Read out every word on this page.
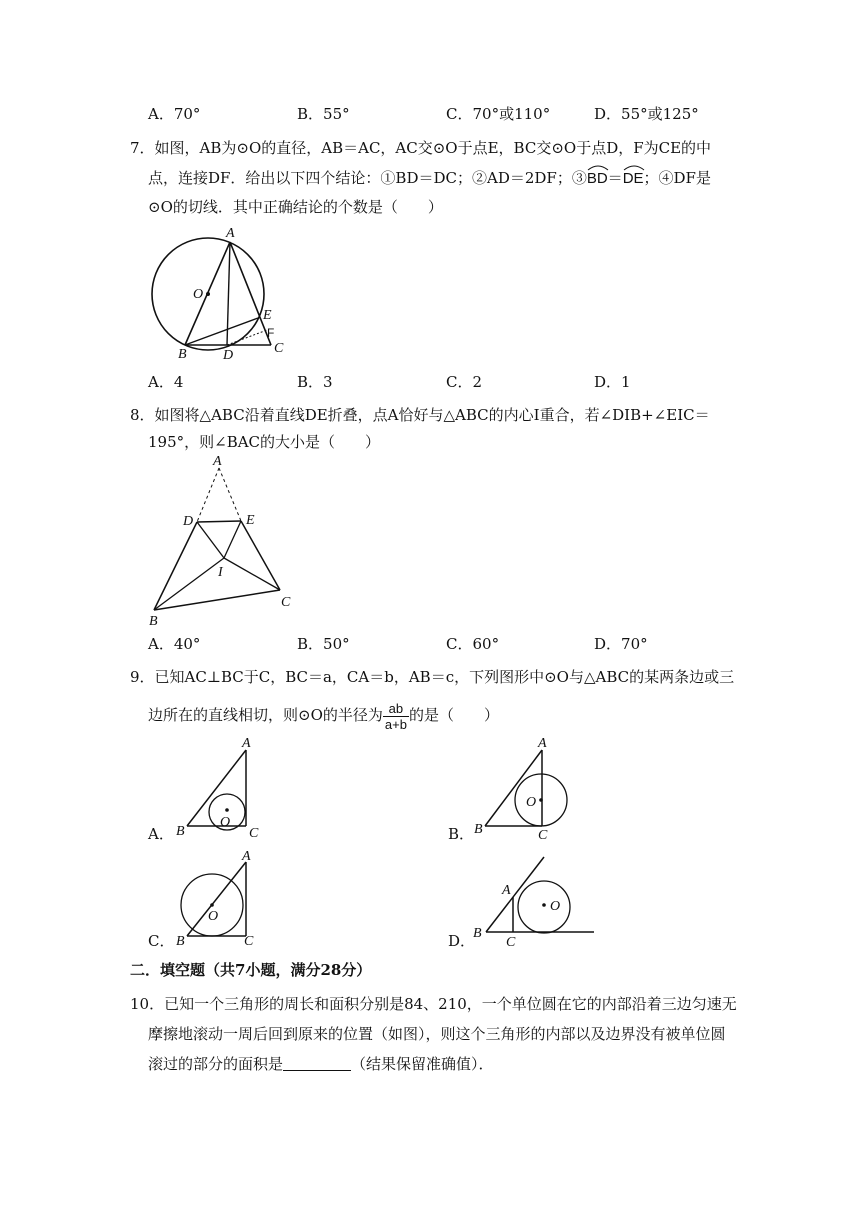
A．70°	B．55°	C．70°或110°	D．55°或125°
7．如图，AB为⊙O的直径，AB＝AC，AC交⊙O于点E，BC交⊙O于点D，F为CE的中
点，连接DF．给出以下四个结论：①BD＝DC；②AD＝2DF；③
BD＝
DE；④DF是
⊙O的切线．其中正确结论的个数是（　　）
A
O
E
F
B	D	C
A．4	B．3	C．2	D．1
8．如图将△ABC沿着直线DE折叠，点A恰好与△ABC的内心I重合，若∠DIB+∠EIC＝
195°，则∠BAC的大小是（　　）
A
D	E
I
B
C
A．40°	B．50°	C．60°	D．70°
9．已知AC⊥BC于C，BC＝a，CA＝b，AB＝c，下列图形中⊙O与△ABC的某两条边或三
边所在的直线相切，则⊙O的半径为 $\frac{ab}{a+b}$ 的是（　　）
A．
A
B	C
O
B．
A
B	C
O
C．
A
B	C
O
D．
A
B
C
O
二．填空题（共7小题，满分28分）
10．已知一个三角形的周长和面积分别是84、210，一个单位圆在它的内部沿着三边匀速无
摩擦地滚动一周后回到原来的位置（如图），则这个三角形的内部以及边界没有被单位圆
滚过的部分的面积是	（结果保留准确值）．
